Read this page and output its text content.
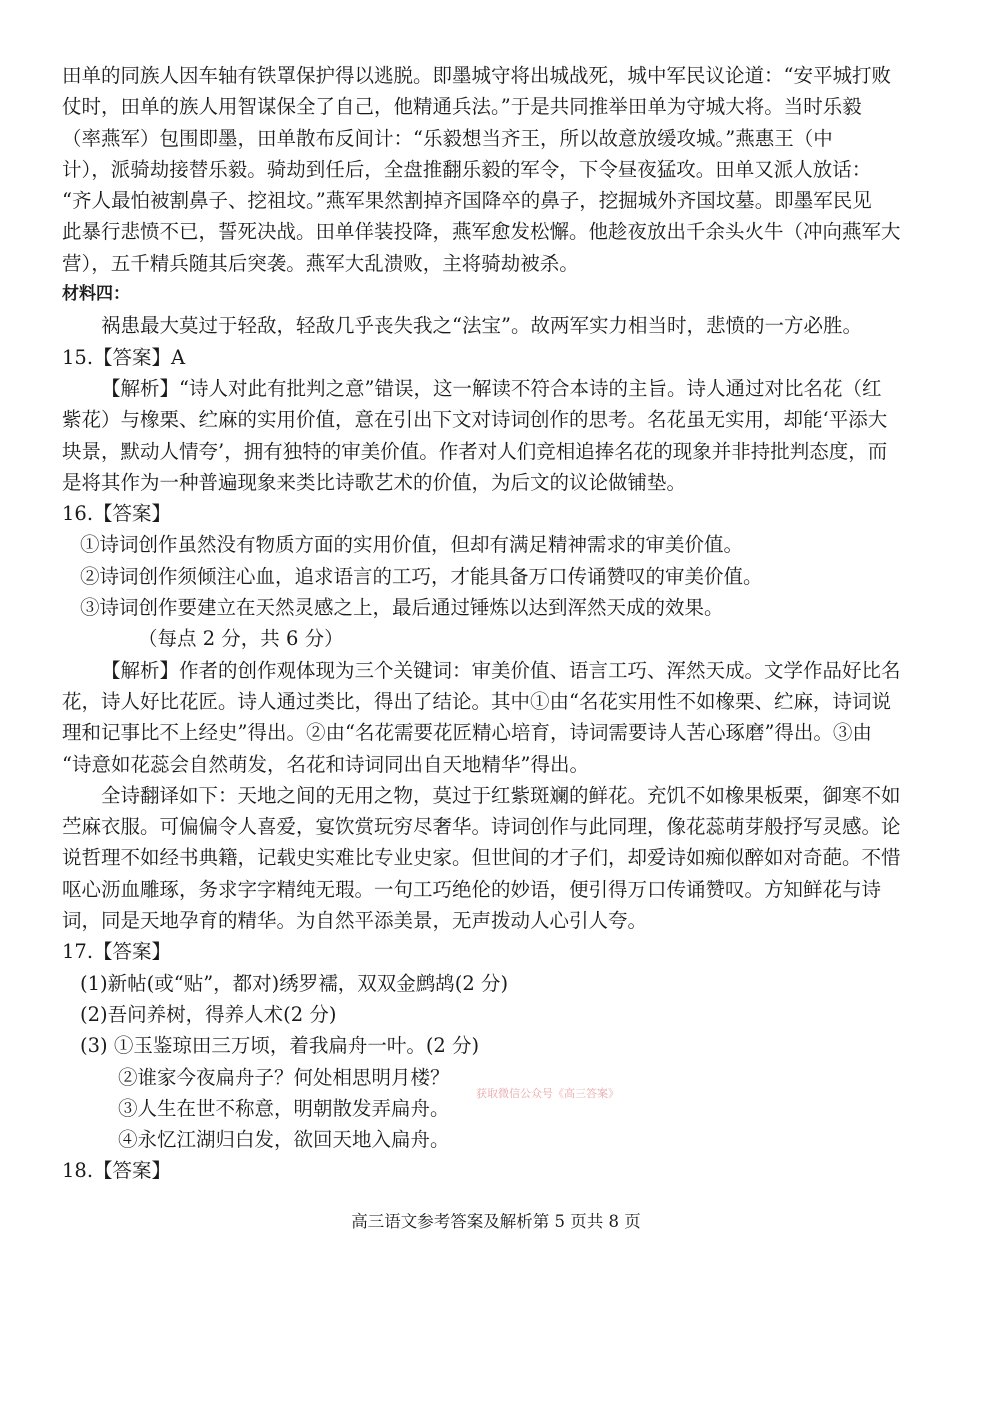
田单的同族人因车轴有铁罩保护得以逃脱。即墨城守将出城战死，城中军民议论道：“安平城打败
仗时，田单的族人用智谋保全了自己，他精通兵法。”于是共同推举田单为守城大将。当时乐毅
（率燕军）包围即墨，田单散布反间计：“乐毅想当齐王，所以故意放缓攻城。”燕惠王（中
计），派骑劫接替乐毅。骑劫到任后，全盘推翻乐毅的军令，下令昼夜猛攻。田单又派人放话：
“齐人最怕被割鼻子、挖祖坟。”燕军果然割掉齐国降卒的鼻子，挖掘城外齐国坟墓。即墨军民见
此暴行悲愤不已，誓死决战。田单佯装投降，燕军愈发松懈。他趁夜放出千余头火牛（冲向燕军大
营），五千精兵随其后突袭。燕军大乱溃败，主将骑劫被杀。
材料四：
祸患最大莫过于轻敌，轻敌几乎丧失我之“法宝”。故两军实力相当时，悲愤的一方必胜。
15.【答案】A
【解析】“诗人对此有批判之意”错误，这一解读不符合本诗的主旨。诗人通过对比名花（红
紫花）与橡栗、纻麻的实用价值，意在引出下文对诗词创作的思考。名花虽无实用，却能‘平添大
块景，默动人情夸’，拥有独特的审美价值。作者对人们竞相追捧名花的现象并非持批判态度，而
是将其作为一种普遍现象来类比诗歌艺术的价值，为后文的议论做铺垫。
16.【答案】
①诗词创作虽然没有物质方面的实用价值，但却有满足精神需求的审美价值。
②诗词创作须倾注心血，追求语言的工巧，才能具备万口传诵赞叹的审美价值。
③诗词创作要建立在天然灵感之上，最后通过锤炼以达到浑然天成的效果。
（每点 2 分，共 6 分）
【解析】作者的创作观体现为三个关键词：审美价值、语言工巧、浑然天成。文学作品好比名
花，诗人好比花匠。诗人通过类比，得出了结论。其中①由“名花实用性不如橡栗、纻麻，诗词说
理和记事比不上经史”得出。②由“名花需要花匠精心培育，诗词需要诗人苦心琢磨”得出。③由
“诗意如花蕊会自然萌发，名花和诗词同出自天地精华”得出。
全诗翻译如下：天地之间的无用之物，莫过于红紫斑斓的鲜花。充饥不如橡果板栗，御寒不如
苎麻衣服。可偏偏令人喜爱，宴饮赏玩穷尽奢华。诗词创作与此同理，像花蕊萌芽般抒写灵感。论
说哲理不如经书典籍，记载史实难比专业史家。但世间的才子们，却爱诗如痴似醉如对奇葩。不惜
呕心沥血雕琢，务求字字精纯无瑕。一句工巧绝伦的妙语，便引得万口传诵赞叹。方知鲜花与诗
词，同是天地孕育的精华。为自然平添美景，无声拨动人心引人夸。
17.【答案】
(1)新帖(或“贴”，都对)绣罗襦，双双金鹧鸪(2 分)
(2)吾问养树，得养人术(2 分)
(3) ①玉鉴琼田三万顷，着我扁舟一叶。(2 分)
②谁家今夜扁舟子？何处相思明月楼？
③人生在世不称意，明朝散发弄扁舟。
④永忆江湖归白发，欲回天地入扁舟。
18.【答案】
获取微信公众号《高三答案》
高三语文参考答案及解析第 5 页共 8 页
